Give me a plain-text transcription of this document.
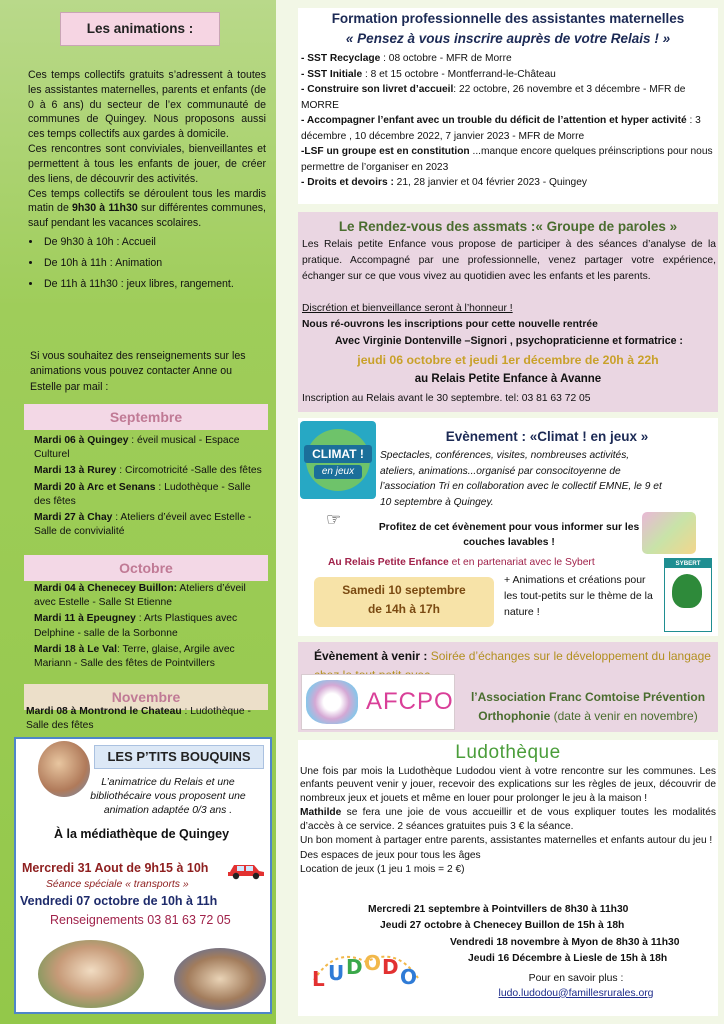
Les animations :

Ces temps collectifs gratuits s’adressent à toutes les assistantes maternelles, parents et enfants (de 0 à 6 ans) du secteur de l’ex communauté de communes de Quingey. Nous proposons aussi ces temps collectifs aux gardes à domicile.

Ces rencontres sont conviviales, bienveillantes et permettent à tous les enfants de jouer, de créer des liens, de découvrir des activités.

Ces temps collectifs se déroulent tous les mardis matin de 9h30 à 11h30 sur différentes communes, sauf pendant les vacances scolaires.

• De 9h30 à 10h : Accueil
• De 10h à 11h : Animation
• De 11h à 11h30 : jeux libres, rangement.
Si vous souhaitez des renseignements sur les animations vous pouvez contacter Anne ou Estelle par mail :
Septembre
Mardi 06 à Quingey : éveil musical - Espace Culturel
Mardi 13 à Rurey : Circomotricité -Salle des fêtes
Mardi 20 à Arc et Senans : Ludothèque - Salle des fêtes
Mardi 27 à Chay : Ateliers d’éveil avec Estelle - Salle de convivialité
Octobre
Mardi 04 à Chenecey Buillon: Ateliers d’éveil avec Estelle - Salle St Etienne
Mardi 11 à Epeugney : Arts Plastiques avec Delphine - salle de la Sorbonne
Mardi 18 à Le Val: Terre, glaise, Argile avec Mariann - Salle des fêtes de Pointvillers
Novembre
Mardi 08 à Montrond le Chateau : Ludothèque - Salle des fêtes
LES P’TITS BOUQUINS
L’animatrice du Relais et une bibliothécaire vous proposent une animation adaptée 0/3 ans .
À la médiathèque de Quingey
Mercredi 31 Aout de 9h15 à 10h
Séance spéciale « transports »
Vendredi 07 octobre de 10h à 11h
Renseignements 03 81 63 72 05
Formation professionnelle des assistantes maternelles
« Pensez à vous inscrire auprès de votre Relais ! »
- SST Recyclage : 08 octobre - MFR de Morre
- SST Initiale : 8 et 15 octobre - Montferrand-le-Château
- Construire son livret d’accueil: 22 octobre, 26 novembre et 3 décembre - MFR de MORRE
- Accompagner l’enfant avec un trouble du déficit de l’attention et hyper activité : 3 décembre , 10 décembre 2022, 7 janvier 2023 - MFR de Morre
-LSF un groupe est en constitution ...manque encore quelques préinscriptions pour nous permettre de l’organiser en 2023
- Droits et devoirs : 21, 28 janvier et 04 février 2023 - Quingey
Le Rendez-vous des assmats :« Groupe de paroles »
Les Relais petite Enfance vous propose de participer à des séances d’analyse de la pratique. Accompagné par une professionnelle, venez partager votre expérience, échanger sur ce que vous vivez au quotidien avec les enfants et les parents.
Discrétion et bienveillance seront à l’honneur !
Nous ré-ouvrons les inscriptions pour cette nouvelle rentrée
Avec Virginie Dontenville –Signori , psychopraticienne et formatrice :
jeudi 06 octobre et jeudi 1er décembre de 20h à 22h
au Relais Petite Enfance à Avanne
Inscription au Relais avant le 30 septembre. tel: 03 81 63 72 05
CLIMAT !
en jeux
Evènement : «Climat ! en jeux »
Spectacles, conférences, visites, nombreuses activités, ateliers, animations...organisé par consocitoyenne de l’association Tri en collaboration avec le collectif EMNE, le 9 et 10 septembre à Quingey.
☞	Profitez de cet évènement pour vous informer sur les couches lavables !
Au Relais Petite Enfance et en partenariat avec le Sybert
Samedi 10 septembre
de 14h à 17h
+ Animations et créations pour les tout-petits sur le thème de la nature !
SYBERT
Évènement à venir : Soirée d’échanges sur le développement du langage
AFCPO	l’Association Franc Comtoise Prévention Orthophonie (date à venir en novembre)
Ludothèque

Une fois par mois la Ludothèque Ludodou vient à votre rencontre sur les communes. Les enfants peuvent venir y jouer, recevoir des explications sur les règles de jeux, découvrir de nombreux jeux et jouets et même en louer pour prolonger le jeu à la maison !

Mathilde se fera une joie de vous accueillir et de vous expliquer toutes les modalités d’accès à ce service. 2 séances gratuites puis 3 € la séance.

Un bon moment à partager entre parents, assistantes maternelles et enfants autour du jeu !

Des espaces de jeux pour tous les âges

Location de jeux (1 jeu 1 mois = 2 €)

Mercredi 21 septembre à Pointvillers de 8h30 à 11h30
Jeudi 27 octobre à Chenecey Buillon de 15h à 18h
Vendredi 18 novembre à Myon de 8h30 à 11h30
Jeudi 16 Décembre à Liesle de 15h à 18h
L U D O D O	Pour en savoir plus :
ludo.ludodou@famillesrurales.org
